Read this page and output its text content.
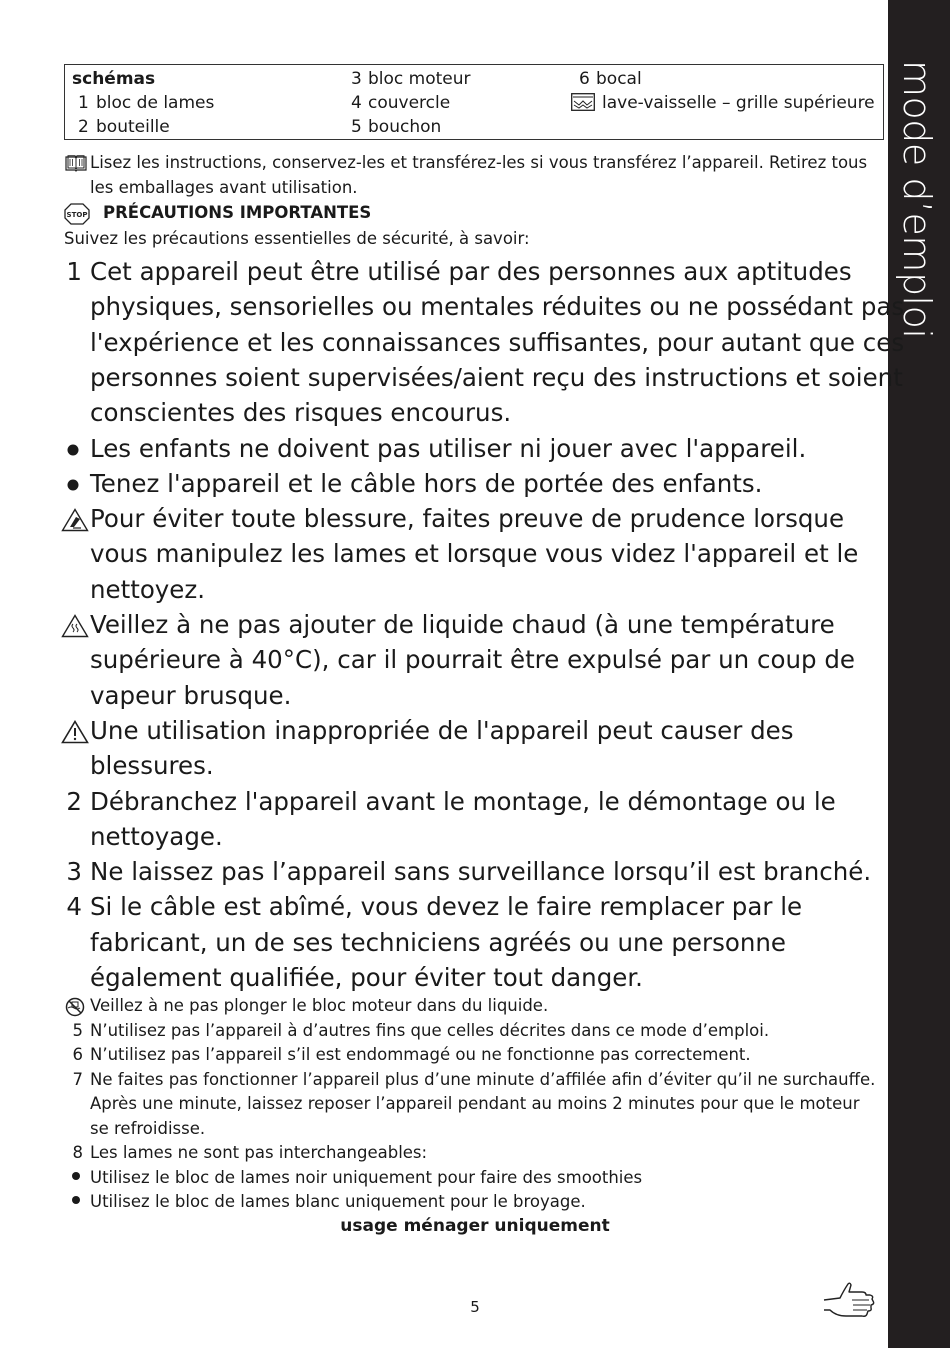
mode d’emploi
schémas
1 bloc de lames
2 bouteille
3 bloc moteur
4 couvercle
5 bouchon
6 bocal
lave-vaisselle – grille supérieure
Lisez les instructions, conservez-les et transférez-les si vous transférez l’appareil. Retirez tous
les emballages avant utilisation.
STOP PRÉCAUTIONS IMPORTANTES
Suivez les précautions essentielles de sécurité, à savoir:
1 Cet appareil peut être utilisé par des personnes aux aptitudes
physiques, sensorielles ou mentales réduites ou ne possédant pas
l'expérience et les connaissances suffisantes, pour autant que ces
personnes soient supervisées/aient reçu des instructions et soient
conscientes des risques encourus.
Les enfants ne doivent pas utiliser ni jouer avec l'appareil.
Tenez l'appareil et le câble hors de portée des enfants.
Pour éviter toute blessure, faites preuve de prudence lorsque
vous manipulez les lames et lorsque vous videz l'appareil et le
nettoyez.
Veillez à ne pas ajouter de liquide chaud (à une température
supérieure à 40°C), car il pourrait être expulsé par un coup de
vapeur brusque.
Une utilisation inappropriée de l'appareil peut causer des
blessures.
2 Débranchez l'appareil avant le montage, le démontage ou le
nettoyage.
3 Ne laissez pas l’appareil sans surveillance lorsqu’il est branché.
4 Si le câble est abîmé, vous devez le faire remplacer par le
fabricant, un de ses techniciens agréés ou une personne
également qualifiée, pour éviter tout danger.
Veillez à ne pas plonger le bloc moteur dans du liquide.
5 N’utilisez pas l’appareil à d’autres fins que celles décrites dans ce mode d’emploi.
6 N’utilisez pas l’appareil s’il est endommagé ou ne fonctionne pas correctement.
7 Ne faites pas fonctionner l’appareil plus d’une minute d’affilée afin d’éviter qu’il ne surchauffe.
Après une minute, laissez reposer l’appareil pendant au moins 2 minutes pour que le moteur
se refroidisse.
8 Les lames ne sont pas interchangeables:
Utilisez le bloc de lames noir uniquement pour faire des smoothies
Utilisez le bloc de lames blanc uniquement pour le broyage.
usage ménager uniquement
5
